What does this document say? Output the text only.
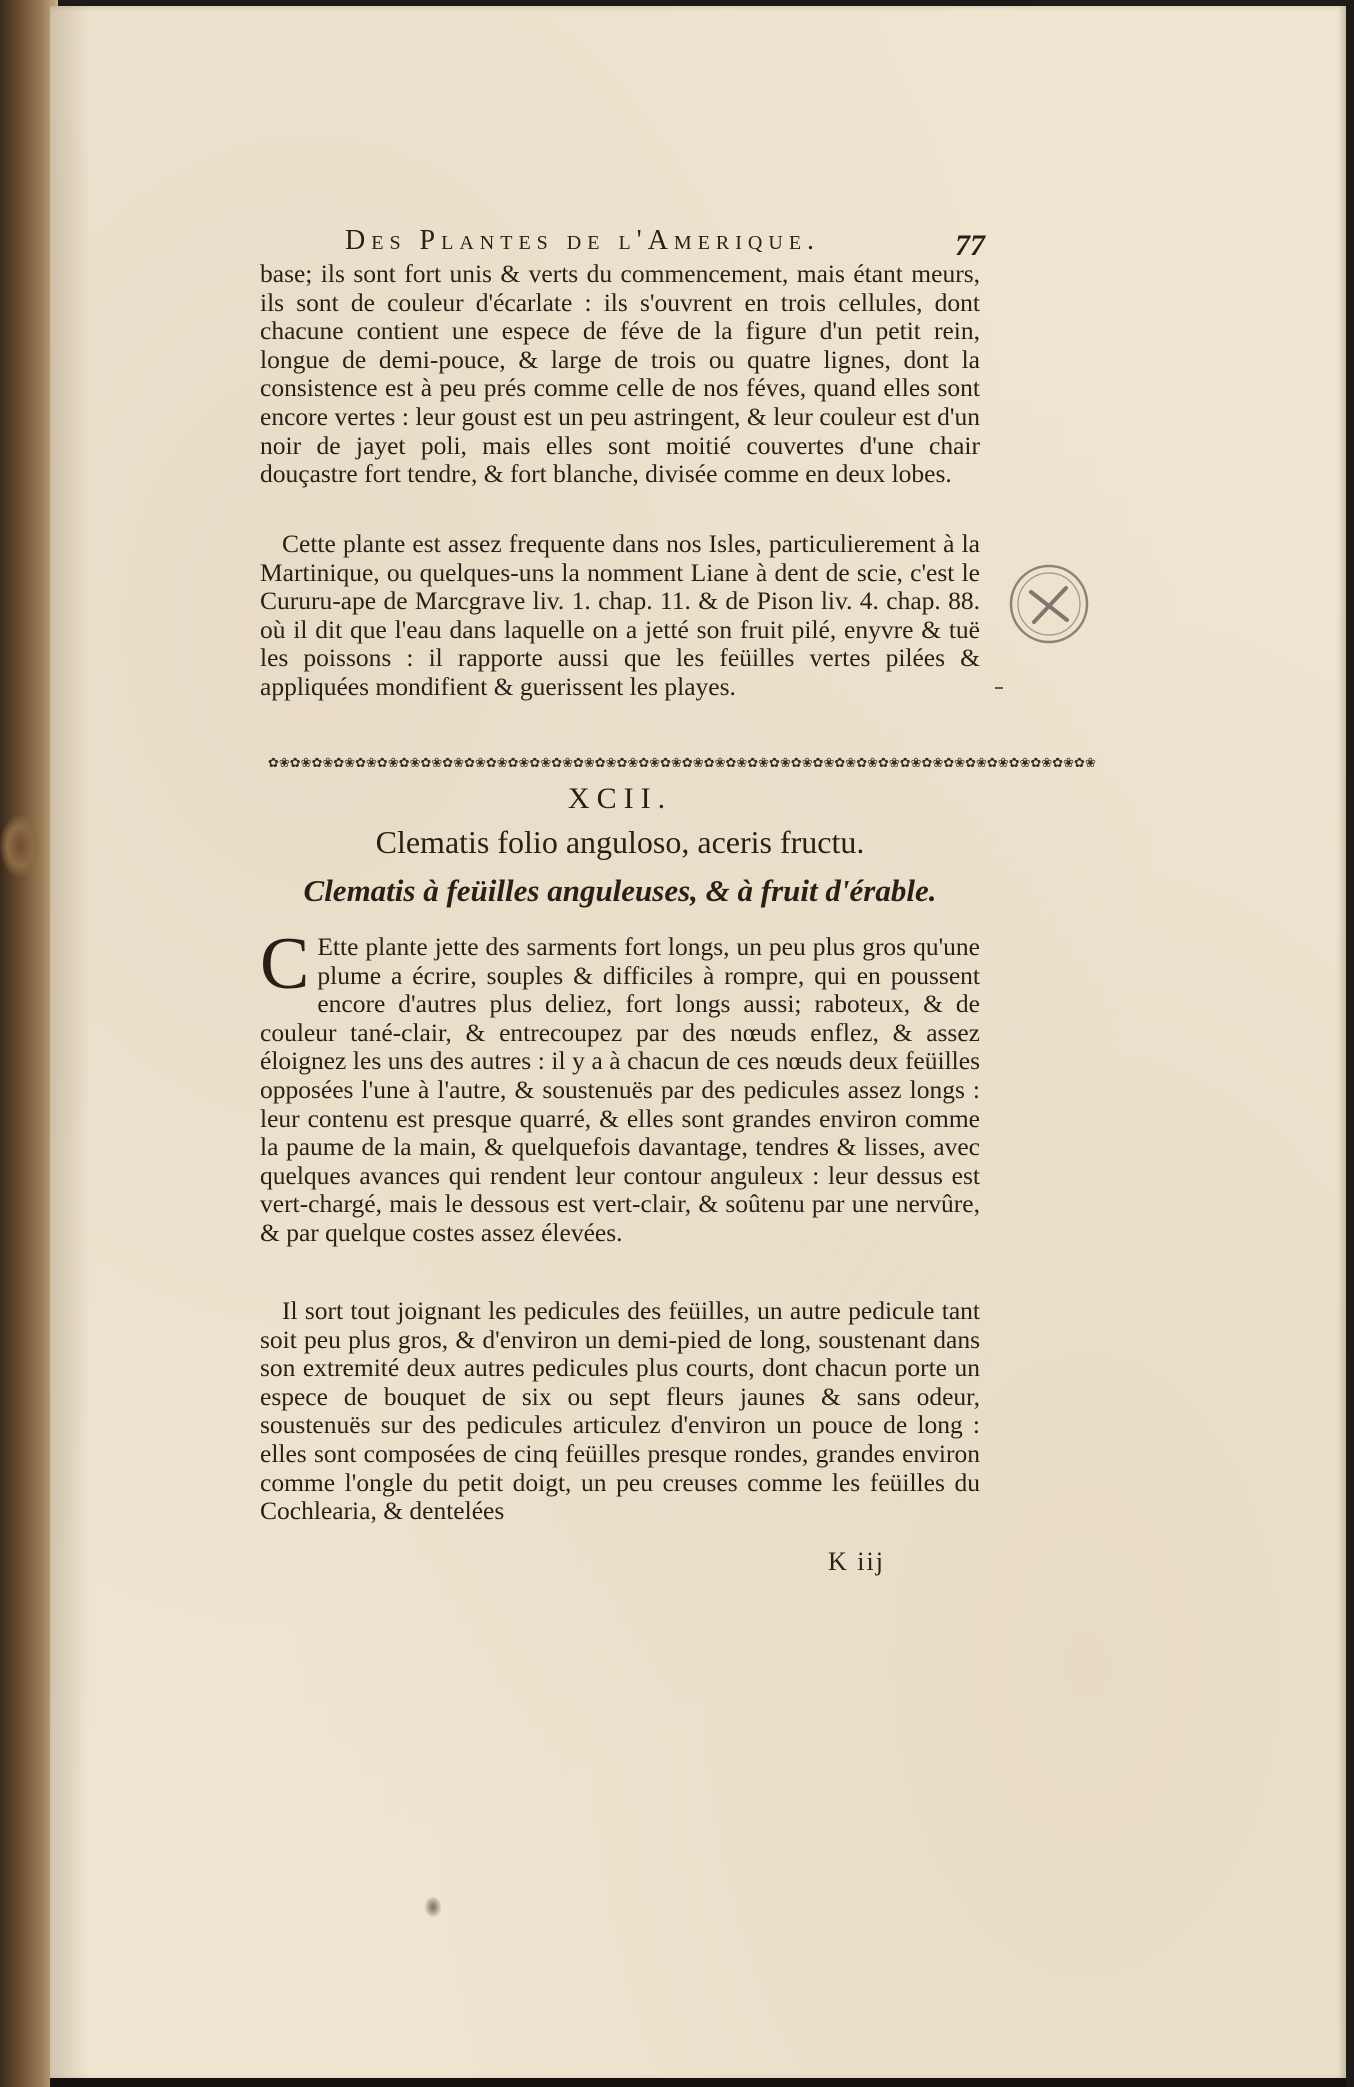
Des Plantes de l'Amerique.	77

base; ils sont fort unis & verts du commencement, mais étant meurs, ils sont de couleur d'écarlate : ils s'ouvrent en trois cellules, dont chacune contient une espece de féve de la figure d'un petit rein, longue de demi-pouce, & large de trois ou quatre lignes, dont la consistence est à peu prés comme celle de nos féves, quand elles sont encore vertes : leur goust est un peu astringent, & leur couleur est d'un noir de jayet poli, mais elles sont moitié couvertes d'une chair douçastre fort tendre, & fort blanche, divisée comme en deux lobes.

Cette plante est assez frequente dans nos Isles, particulierement à la Martinique, ou quelques-uns la nomment Liane à dent de scie, c'est le Cururu-ape de Marcgrave liv. 1. chap. 11. & de Pison liv. 4. chap. 88. où il dit que l'eau dans laquelle on a jetté son fruit pilé, enyvre & tuë les poissons : il rapporte aussi que les feüilles vertes pilées & appliquées mondifient & guerissent les playes.

✿❀✿❀✿❀✿❀✿❀✿❀✿❀✿❀✿❀✿❀✿❀✿❀✿❀✿❀✿❀✿❀✿❀✿❀✿❀✿❀✿❀✿❀✿❀✿❀✿❀✿❀✿❀✿❀✿❀✿❀✿❀✿❀✿❀✿❀✿❀✿❀✿❀✿❀
XCII.
Clematis folio anguloso, aceris fructu.
Clematis à feüilles anguleuses, & à fruit d'érable.
C Ette plante jette des sarments fort longs, un peu plus gros qu'une plume a écrire, souples & difficiles à rompre, qui en poussent encore d'autres plus deliez, fort longs aussi; raboteux, & de couleur tané-clair, & entrecoupez par des nœuds enflez, & assez éloignez les uns des autres : il y a à chacun de ces nœuds deux feüilles opposées l'une à l'autre, & soustenuës par des pedicules assez longs : leur contenu est presque quarré, & elles sont grandes environ comme la paume de la main, & quelquefois davantage, tendres & lisses, avec quelques avances qui rendent leur contour anguleux : leur dessus est vert-chargé, mais le dessous est vert-clair, & soûtenu par une nervûre, & par quelque costes assez élevées.

Il sort tout joignant les pedicules des feüilles, un autre pedicule tant soit peu plus gros, & d'environ un demi-pied de long, soustenant dans son extremité deux autres pedicules plus courts, dont chacun porte un espece de bouquet de six ou sept fleurs jaunes & sans odeur, soustenuës sur des pedicules articulez d'environ un pouce de long : elles sont composées de cinq feüilles presque rondes, grandes environ comme l'ongle du petit doigt, un peu creuses comme les feüilles du Cochlearia, & dentelées

K iij
